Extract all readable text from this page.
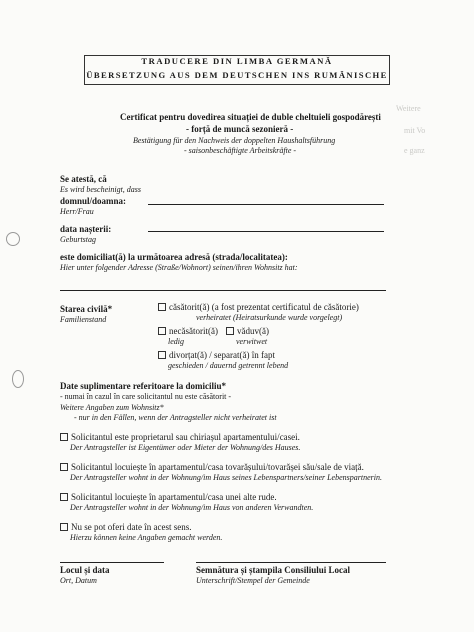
Weitere
mit Vo
e ganz
TRADUCERE DIN LIMBA GERMANĂ
ÜBERSETZUNG AUS DEM DEUTSCHEN INS RUMÄNISCHE
Certificat pentru dovedirea situației de duble cheltuieli gospodărești
- forță de muncă sezonieră -
Bestätigung für den Nachweis der doppelten Haushaltsführung
- saisonbeschäftigte Arbeitskräfte -
Se atestă, că
Es wird bescheinigt, dass
domnul/doamna:
Herr/Frau
data nașterii:
Geburtstag
este domiciliat(ă) la următoarea adresă (strada/localitatea):
Hier unter folgender Adresse (Straße/Wohnort) seinen/ihren Wohnsitz hat:
Starea civilă*
Familienstand
căsătorit(ă) (a fost prezentat certificatul de căsătorie)
verheiratet (Heiratsurkunde wurde vorgelegt)
necăsătorit(ă)
ledig
văduv(ă)
verwitwet
divorțat(ă) / separat(ă) în fapt
geschieden / dauernd getrennt lebend
Date suplimentare referitoare la domiciliu*
- numai în cazul în care solicitantul nu este căsătorit -
Weitere Angaben zum Wohnsitz*
- nur in den Fällen, wenn der Antragsteller nicht verheiratet ist
Solicitantul este proprietarul sau chiriașul apartamentului/casei.
Der Antragsteller ist Eigentümer oder Mieter der Wohnung/des Hauses.
Solicitantul locuiește în apartamentul/casa tovarășului/tovarășei său/sale de viață.
Der Antragsteller wohnt in der Wohnung/im Haus seines Lebenspartners/seiner Lebenspartnerin.
Solicitantul locuiește în apartamentul/casa unei alte rude.
Der Antragsteller wohnt in der Wohnung/im Haus von anderen Verwandten.
Nu se pot oferi date în acest sens.
Hierzu können keine Angaben gemacht werden.
Locul și data
Ort, Datum
Semnătura și ștampila Consiliului Local
Unterschrift/Stempel der Gemeinde
